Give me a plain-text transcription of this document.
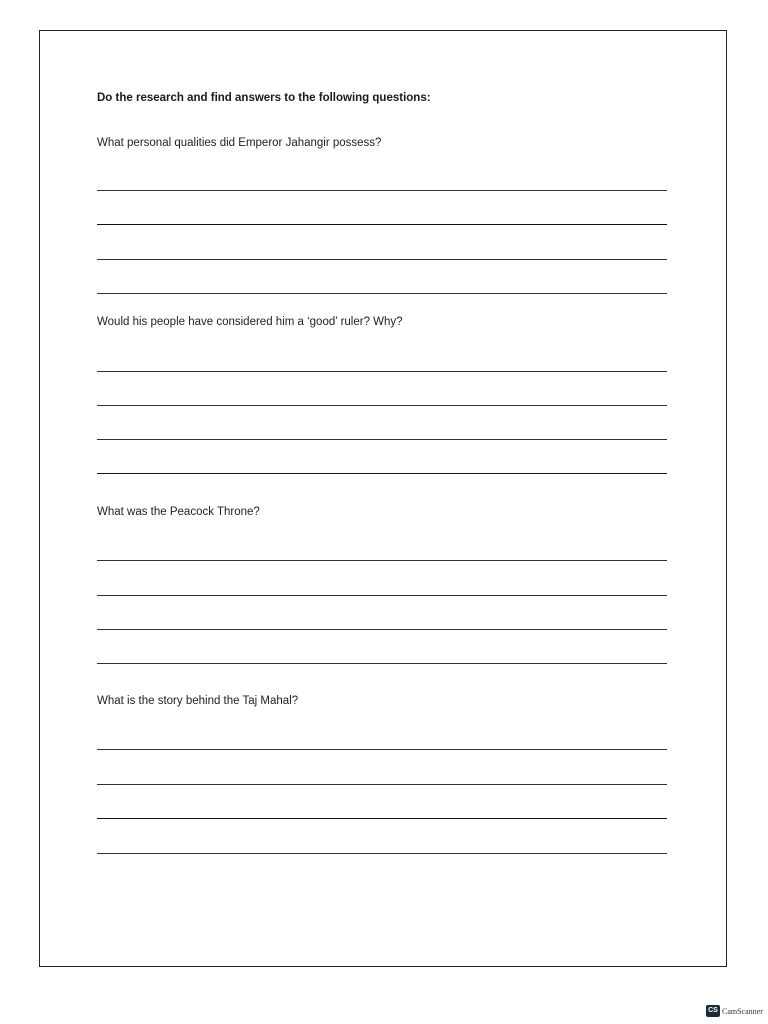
Do the research and find answers to the following questions:
What personal qualities did Emperor Jahangir possess?
Would his people have considered him a ‘good’ ruler? Why?
What was the Peacock Throne?
What is the story behind the Taj Mahal?
CS CamScanner
